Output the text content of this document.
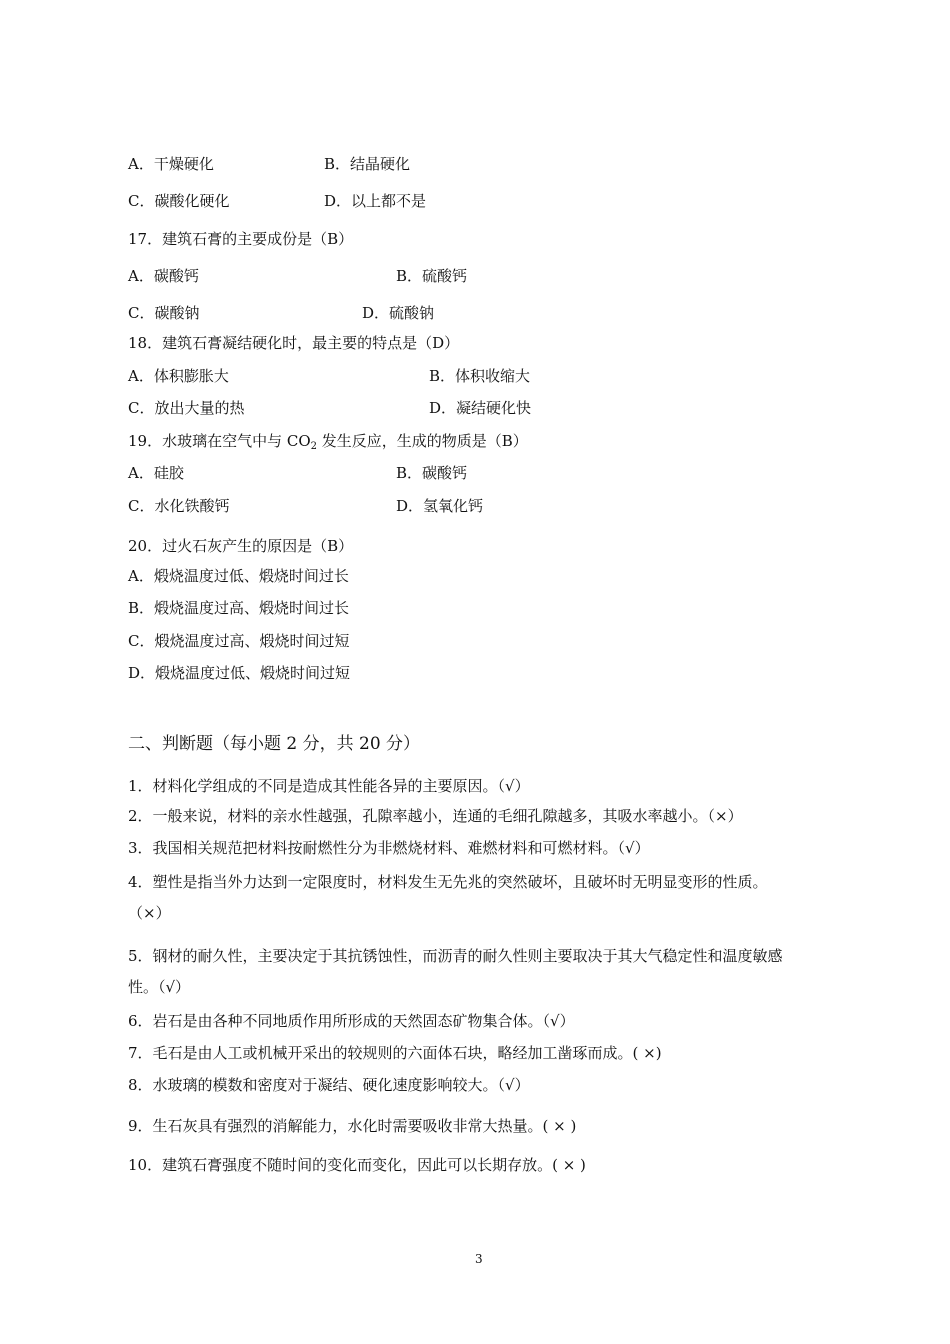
A．干燥硬化	B．结晶硬化
C．碳酸化硬化	D．以上都不是
17．建筑石膏的主要成份是（B）
A．碳酸钙	B．硫酸钙
C．碳酸钠	D．硫酸钠
18．建筑石膏凝结硬化时，最主要的特点是（D）
A．体积膨胀大	B．体积收缩大
C．放出大量的热	D．凝结硬化快
19．水玻璃在空气中与 $CO_2$ 发生反应，生成的物质是（B）
A．硅胶	B．碳酸钙
C．水化铁酸钙	D．氢氧化钙
20．过火石灰产生的原因是（B）
A．煅烧温度过低、煅烧时间过长
B．煅烧温度过高、煅烧时间过长
C．煅烧温度过高、煅烧时间过短
D．煅烧温度过低、煅烧时间过短
二、判断题（每小题 2 分，共 20 分）
1．材料化学组成的不同是造成其性能各异的主要原因。（√）
2．一般来说，材料的亲水性越强，孔隙率越小，连通的毛细孔隙越多，其吸水率越小。（×）
3．我国相关规范把材料按耐燃性分为非燃烧材料、难燃材料和可燃材料。（√）
4．塑性是指当外力达到一定限度时，材料发生无先兆的突然破坏，且破坏时无明显变形的性质。
（×）
5．钢材的耐久性，主要决定于其抗锈蚀性，而沥青的耐久性则主要取决于其大气稳定性和温度敏感
性。（√）
6．岩石是由各种不同地质作用所形成的天然固态矿物集合体。（√）
7．毛石是由人工或机械开采出的较规则的六面体石块，略经加工凿琢而成。( ×)
8．水玻璃的模数和密度对于凝结、硬化速度影响较大。（√）
9．生石灰具有强烈的消解能力，水化时需要吸收非常大热量。( × )
10．建筑石膏强度不随时间的变化而变化，因此可以长期存放。( × )
3
